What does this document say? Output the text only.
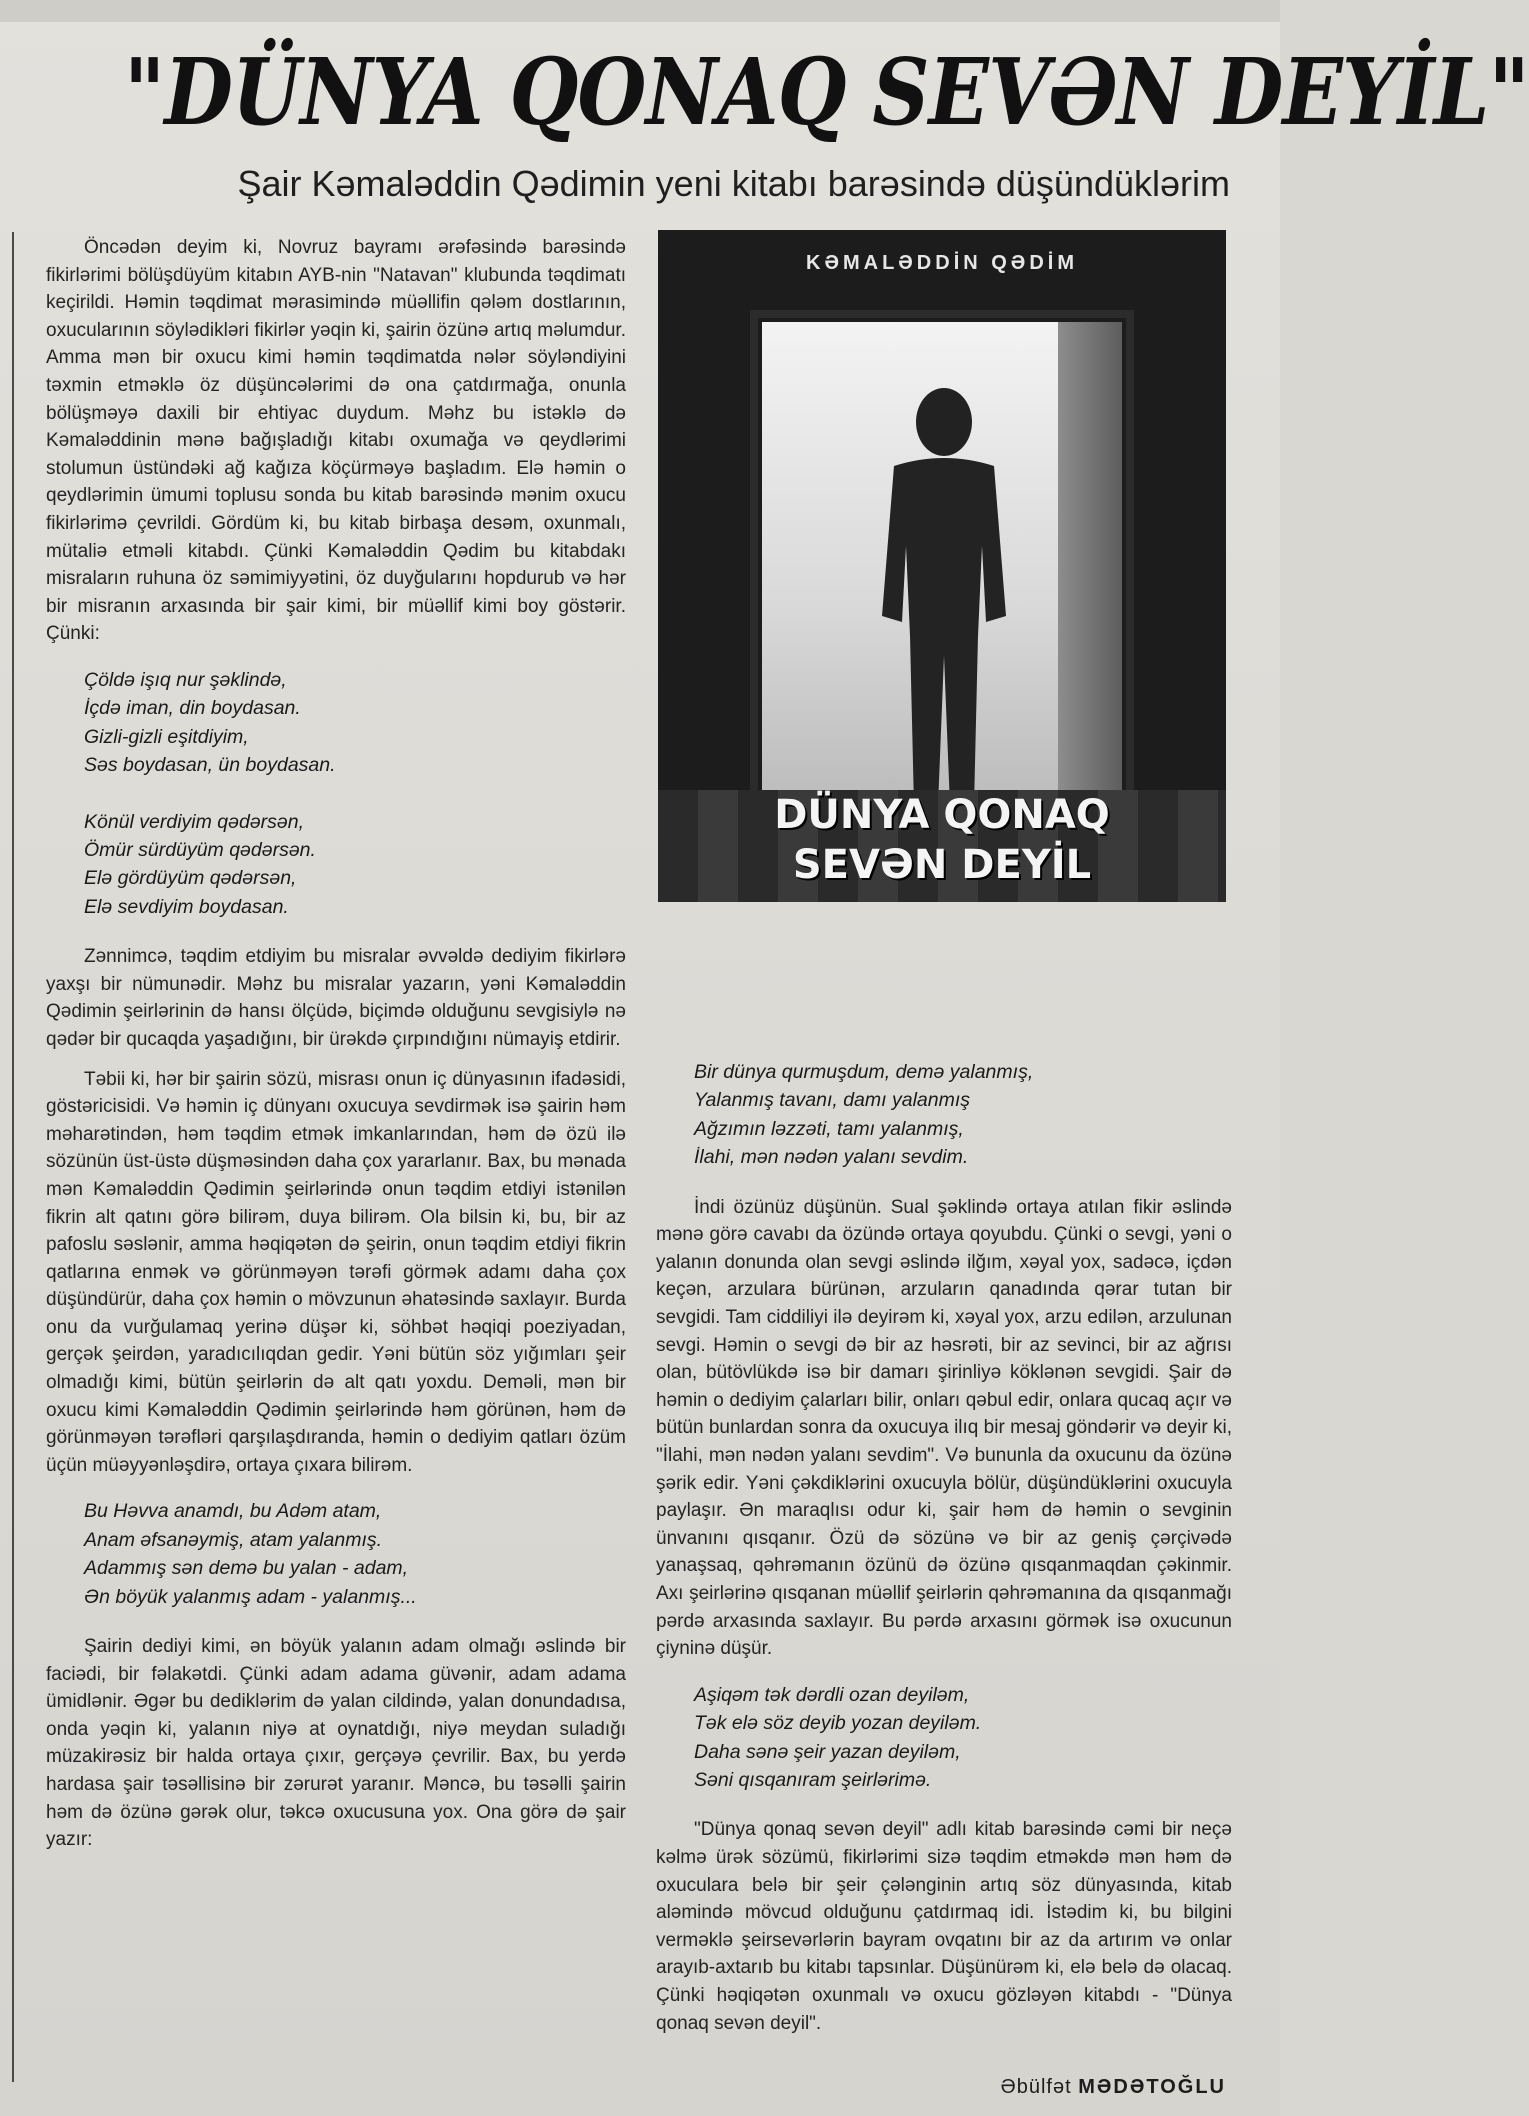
"DÜNYA QONAQ SEVƏN DEYİL"
Şair Kəmaləddin Qədimin yeni kitabı barəsində düşündüklərim

Öncədən deyim ki, Novruz bayramı ərəfəsində barəsində fikirlərimi bölüşdüyüm kitabın AYB-nin "Natavan" klubunda təqdimatı keçirildi. Həmin təqdimat mərasimində müəllifin qələm dostlarının, oxucularının söylədikləri fikirlər yəqin ki, şairin özünə artıq məlumdur. Amma mən bir oxucu kimi həmin təqdimatda nələr söyləndiyini təxmin etməklə öz düşüncələrimi də ona çatdırmağa, onunla bölüşməyə daxili bir ehtiyac duydum. Məhz bu istəklə də Kəmaləddinin mənə bağışladığı kitabı oxumağa və qeydlərimi stolumun üstündəki ağ kağıza köçürməyə başladım. Elə həmin o qeydlərimin ümumi toplusu sonda bu kitab barəsində mənim oxucu fikirlərimə çevrildi. Gördüm ki, bu kitab birbaşa desəm, oxunmalı, mütaliə etməli kitabdı. Çünki Kəmaləddin Qədim bu kitabdakı misraların ruhuna öz səmimiyyətini, öz duyğularını hopdurub və hər bir misranın arxasında bir şair kimi, bir müəllif kimi boy göstərir. Çünki:

Çöldə işıq nur şəklində,
İçdə iman, din boydasan.
Gizli-gizli eşitdiyim,
Səs boydasan, ün boydasan.
Könül verdiyim qədərsən,
Ömür sürdüyüm qədərsən.
Elə gördüyüm qədərsən,
Elə sevdiyim boydasan.

Zənnimcə, təqdim etdiyim bu misralar əvvəldə dediyim fikirlərə yaxşı bir nümunədir. Məhz bu misralar yazarın, yəni Kəmaləddin Qədimin şeirlərinin də hansı ölçüdə, biçimdə olduğunu sevgisiylə nə qədər bir qucaqda yaşadığını, bir ürəkdə çırpındığını nümayiş etdirir.

Təbii ki, hər bir şairin sözü, misrası onun iç dünyasının ifadəsidi, göstəricisidi. Və həmin iç dünyanı oxucuya sevdirmək isə şairin həm məharətindən, həm təqdim etmək imkanlarından, həm də özü ilə sözünün üst-üstə düşməsindən daha çox yararlanır. Bax, bu mənada mən Kəmaləddin Qədimin şeirlərində onun təqdim etdiyi istənilən fikrin alt qatını görə bilirəm, duya bilirəm. Ola bilsin ki, bu, bir az pafoslu səslənir, amma həqiqətən də şeirin, onun təqdim etdiyi fikrin qatlarına enmək və görünməyən tərəfi görmək adamı daha çox düşündürür, daha çox həmin o mövzunun əhatəsində saxlayır. Burda onu da vurğulamaq yerinə düşər ki, söhbət həqiqi poeziyadan, gerçək şeirdən, yaradıcılıqdan gedir. Yəni bütün söz yığımları şeir olmadığı kimi, bütün şeirlərin də alt qatı yoxdu. Deməli, mən bir oxucu kimi Kəmaləddin Qədimin şeirlərində həm görünən, həm də görünməyən tərəfləri qarşılaşdıranda, həmin o dediyim qatları özüm üçün müəyyənləşdirə, ortaya çıxara bilirəm.

Bu Həvva anamdı, bu Adəm atam,
Anam əfsanəymiş, atam yalanmış.
Adammış sən demə bu yalan - adam,
Ən böyük yalanmış adam - yalanmış...

Şairin dediyi kimi, ən böyük yalanın adam olmağı əslində bir faciədi, bir fəlakətdi. Çünki adam adama güvənir, adam adama ümidlənir. Əgər bu dediklərim də yalan cildində, yalan donundadısa, onda yəqin ki, yalanın niyə at oynatdığı, niyə meydan suladığı müzakirəsiz bir halda ortaya çıxır, gerçəyə çevrilir. Bax, bu yerdə hardasa şair təsəllisinə bir zərurət yaranır. Məncə, bu təsəlli şairin həm də özünə gərək olur, təkcə oxucusuna yox. Ona görə də şair yazır:

KƏMALƏDDİN QƏDİM
DÜNYA QONAQ
SEVƏN DEYİL
Bir dünya qurmuşdum, demə yalanmış,
Yalanmış tavanı, damı yalanmış
Ağzımın ləzzəti, tamı yalanmış,
İlahi, mən nədən yalanı sevdim.

İndi özünüz düşünün. Sual şəklində ortaya atılan fikir əslində mənə görə cavabı da özündə ortaya qoyubdu. Çünki o sevgi, yəni o yalanın donunda olan sevgi əslində ilğım, xəyal yox, sadəcə, içdən keçən, arzulara bürünən, arzuların qanadında qərar tutan bir sevgidi. Tam ciddiliyi ilə deyirəm ki, xəyal yox, arzu edilən, arzulunan sevgi. Həmin o sevgi də bir az həsrəti, bir az sevinci, bir az ağrısı olan, bütövlükdə isə bir damarı şirinliyə köklənən sevgidi. Şair də həmin o dediyim çalarları bilir, onları qəbul edir, onlara qucaq açır və bütün bunlardan sonra da oxucuya ilıq bir mesaj göndərir və deyir ki, "İlahi, mən nədən yalanı sevdim". Və bununla da oxucunu da özünə şərik edir. Yəni çəkdiklərini oxucuyla bölür, düşündüklərini oxucuyla paylaşır. Ən maraqlısı odur ki, şair həm də həmin o sevginin ünvanını qısqanır. Özü də sözünə və bir az geniş çərçivədə yanaşsaq, qəhrəmanın özünü də özünə qısqanmaqdan çəkinmir. Axı şeirlərinə qısqanan müəllif şeirlərin qəhrəmanına da qısqanmağı pərdə arxasında saxlayır. Bu pərdə arxasını görmək isə oxucunun çiyninə düşür.

Aşiqəm tək dərdli ozan deyiləm,
Tək elə söz deyib yozan deyiləm.
Daha sənə şeir yazan deyiləm,
Səni qısqanıram şeirlərimə.

"Dünya qonaq sevən deyil" adlı kitab barəsində cəmi bir neçə kəlmə ürək sözümü, fikirlərimi sizə təqdim etməkdə mən həm də oxuculara belə bir şeir çələnginin artıq söz dünyasında, kitab aləmində mövcud olduğunu çatdırmaq idi. İstədim ki, bu bilgini verməklə şeirsevərlərin bayram ovqatını bir az da artırım və onlar arayıb-axtarıb bu kitabı tapsınlar. Düşünürəm ki, elə belə də olacaq. Çünki həqiqətən oxunmalı və oxucu gözləyən kitabdı - "Dünya qonaq sevən deyil".

Əbülfət MƏDƏTOĞLU
